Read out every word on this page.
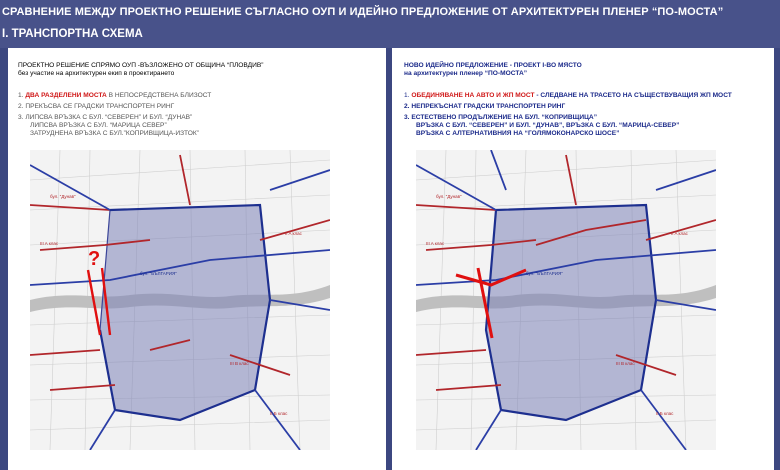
СРАВНЕНИЕ МЕЖДУ ПРОЕКТНО РЕШЕНИЕ СЪГЛАСНО ОУП И ИДЕЙНО ПРЕДЛОЖЕНИЕ ОТ АРХИТЕКТУРЕН ПЛЕНЕР “ПО-МОСТА”
I. ТРАНСПОРТНА СХЕМА
ПРОЕКТНО РЕШЕНИЕ СПРЯМО ОУП -ВЪЗЛОЖЕНО ОТ ОБЩИНА “ПЛОВДИВ”
без участие на архитектурен екип в проектирането
1. ДВА РАЗДЕЛЕНИ МОСТА В НЕПОСРЕДСТВЕНА БЛИЗОСТ
2. ПРЕКЪСВА СЕ ГРАДСКИ ТРАНСПОРТЕН РИНГ
3. ЛИПСВА ВРЪЗКА С БУЛ. “СЕВЕРЕН” И БУЛ. “ДУНАВ”
ЛИПСВА ВРЪЗКА С БУЛ. “МАРИЦА СЕВЕР”
ЗАТРУДНЕНА ВРЪЗКА С БУЛ.”КОПРИВЩИЦА-ИЗТОК”
НОВО ИДЕЙНО ПРЕДЛОЖЕНИЕ - ПРОЕКТ I-ВО МЯСТО
на архитектурен пленер “ПО-МОСТА”
1. ОБЕДИНЯВАНЕ НА АВТО И ЖП МОСТ - СЛЕДВАНЕ НА ТРАСЕТО НА СЪЩЕСТВУВАЩИЯ ЖП МОСТ
2. НЕПРЕКЪСНАТ ГРАДСКИ ТРАНСПОРТЕН РИНГ
3. ЕСТЕСТВЕНО ПРОДЪЛЖЕНИЕ НА БУЛ. “КОПРИВЩИЦА”
ВРЪЗКА С БУЛ. “СЕВЕРЕН” И БУЛ. “ДУНАВ”, ВРЪЗКА С БУЛ. “МАРИЦА-СЕВЕР”
ВРЪЗКА С АЛТЕРНАТИВНИЯ НА “ГОЛЯМОКОНАРСКО ШОСЕ”
?
III A клас
III B клас
II A клас
II Б клас
бул. “Дунав”
бул. “БЪЛГАРИЯ”
III A клас
III B клас
II A клас
II Б клас
бул. “Дунав”
бул. “БЪЛГАРИЯ”
